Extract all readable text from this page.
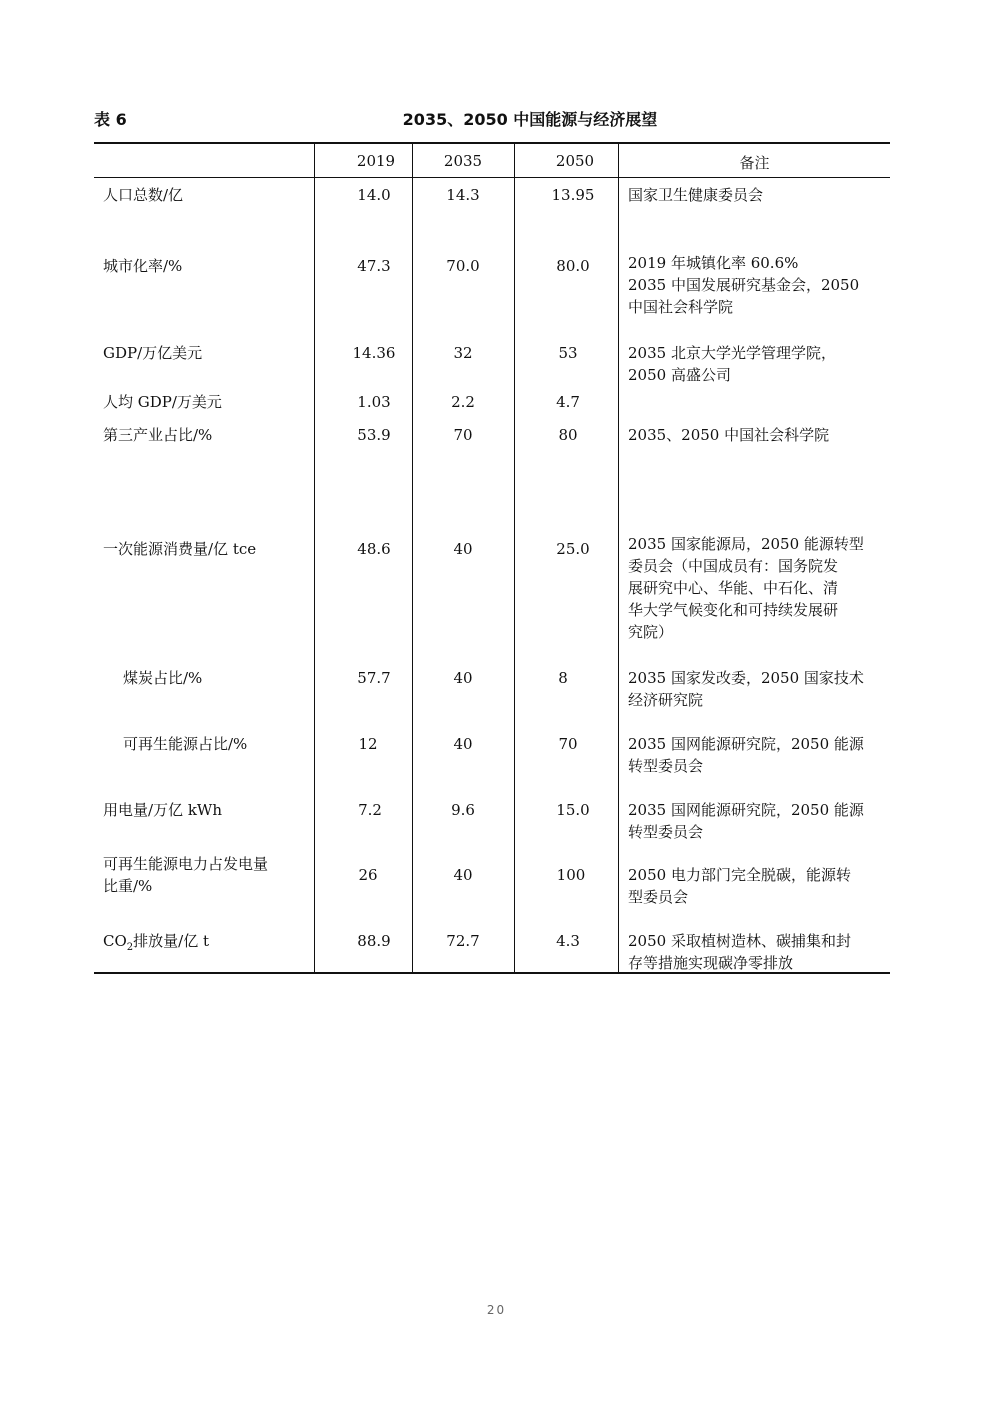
表 6	2035、2050 中国能源与经济展望
2019	2035	2050	备注
人口总数/亿	14.0	14.3	13.95	国家卫生健康委员会
城市化率/%	47.3	70.0	80.0	2019 年城镇化率 60.6%
2035 中国发展研究基金会，2050
中国社会科学院
GDP/万亿美元	14.36	32	53	2035 北京大学光学管理学院，
2050 高盛公司
人均 GDP/万美元	1.03	2.2	4.7
第三产业占比/%	53.9	70	80	2035、2050 中国社会科学院
一次能源消费量/亿 tce	48.6	40	25.0	2035 国家能源局，2050 能源转型
委员会（中国成员有：国务院发
展研究中心、华能、中石化、清
华大学气候变化和可持续发展研
究院）
煤炭占比/%	57.7	40	8	2035 国家发改委，2050 国家技术
经济研究院
可再生能源占比/%	12	40	70	2035 国网能源研究院，2050 能源
转型委员会
用电量/万亿 kWh	7.2	9.6	15.0	2035 国网能源研究院，2050 能源
转型委员会
可再生能源电力占发电量
比重/%
26	40	100	2050 电力部门完全脱碳，能源转
型委员会
$CO_2$排放量/亿 t	88.9	72.7	4.3	2050 采取植树造林、碳捕集和封
存等措施实现碳净零排放
20
